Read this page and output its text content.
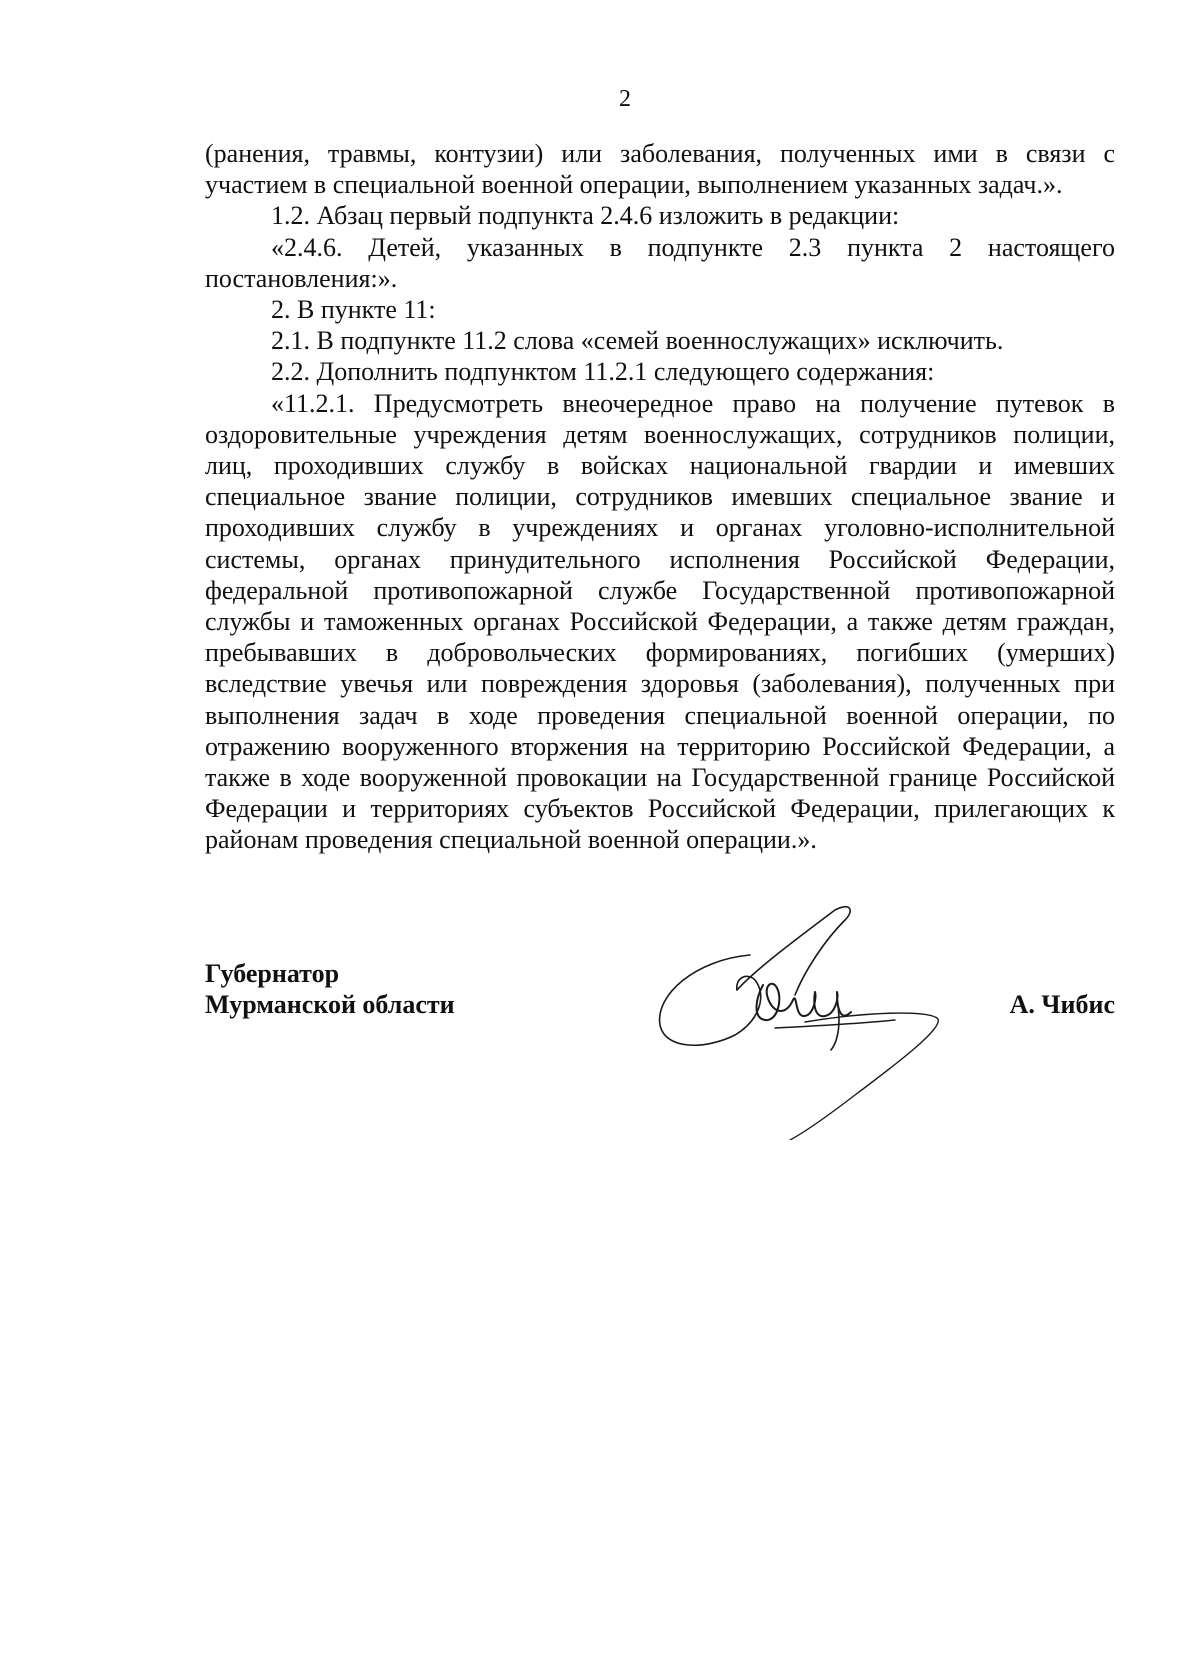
2

(ранения, травмы, контузии) или заболевания, полученных ими в связи с участием в специальной военной операции, выполнением указанных задач.».

1.2. Абзац первый подпункта 2.4.6 изложить в редакции:

«2.4.6. Детей, указанных в подпункте 2.3 пункта 2 настоящего постановления:».

2. В пункте 11:

2.1. В подпункте 11.2 слова «семей военнослужащих» исключить.

2.2. Дополнить подпунктом 11.2.1 следующего содержания:

«11.2.1. Предусмотреть внеочередное право на получение путевок в оздоровительные учреждения детям военнослужащих, сотрудников полиции, лиц, проходивших службу в войсках национальной гвардии и имевших специальное звание полиции, сотрудников имевших специальное звание и проходивших службу в учреждениях и органах уголовно-исполнительной системы, органах принудительного исполнения Российской Федерации, федеральной противопожарной службе Государственной противопожарной службы и таможенных органах Российской Федерации, а также детям граждан, пребывавших в добровольческих формированиях, погибших (умерших) вследствие увечья или повреждения здоровья (заболевания), полученных при выполнения задач в ходе проведения специальной военной операции, по отражению вооруженного вторжения на территорию Российской Федерации, а также в ходе вооруженной провокации на Государственной границе Российской Федерации и территориях субъектов Российской Федерации, прилегающих к районам проведения специальной военной операции.».

Губернатор
Мурманской области	А. Чибис
